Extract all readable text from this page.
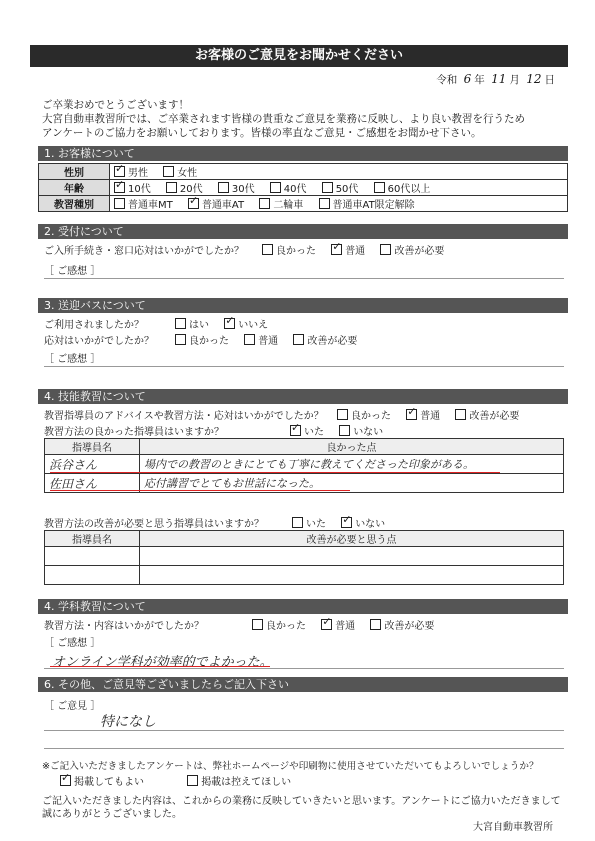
お客様のご意見をお聞かせください
令和 6 年 11 月 12 日
ご卒業おめでとうございます！
大宮自動車教習所では、ご卒業されます皆様の貴重なご意見を業務に反映し、より良い教習を行うため
アンケートのご協力をお願いしております。皆様の率直なご意見・ご感想をお聞かせ下さい。
1. お客様について
性別	✓男性 女性
年齢	✓10代 20代 30代 40代 50代 60代以上
教習種別	普通車MT ✓ 普通車AT 二輪車 普通車AT限定解除
2. 受付について
ご入所手続き・窓口応対はいかがでしたか？	良かった ✓	普通	改善が必要
［ ご感想 ］
3. 送迎バスについて
ご利用されましたか？	はい ✓	いいえ
応対はいかがでしたか？	良かった	普通	改善が必要
［ ご感想 ］
4. 技能教習について
教習指導員のアドバイスや教習方法・応対はいかがでしたか？	良かった ✓	普通	改善が必要
教習方法の良かった指導員はいますか？ ✓	いた	いない
指導員名	良かった点
浜谷さん	場内での教習のときにとても丁寧に教えてくださった印象がある。
佐田さん	応付講習でとてもお世話になった。
教習方法の改善が必要と思う指導員はいますか？	いた ✓	いない
指導員名	改善が必要と思う点

4. 学科教習について
教習方法・内容はいかがでしたか？	良かった ✓	普通	改善が必要
［ ご感想 ］
オンライン学科が効率的でよかった。
6. その他、ご意見等ございましたらご記入下さい
［ ご意見 ］
特になし
※ご記入いただきましたアンケートは、弊社ホームページや印刷物に使用させていただいてもよろしいでしょうか？
✓掲載してもよい	掲載は控えてほしい
ご記入いただきました内容は、これからの業務に反映していきたいと思います。アンケートにご協力いただきまして
誠にありがとうございました。
大宮自動車教習所
